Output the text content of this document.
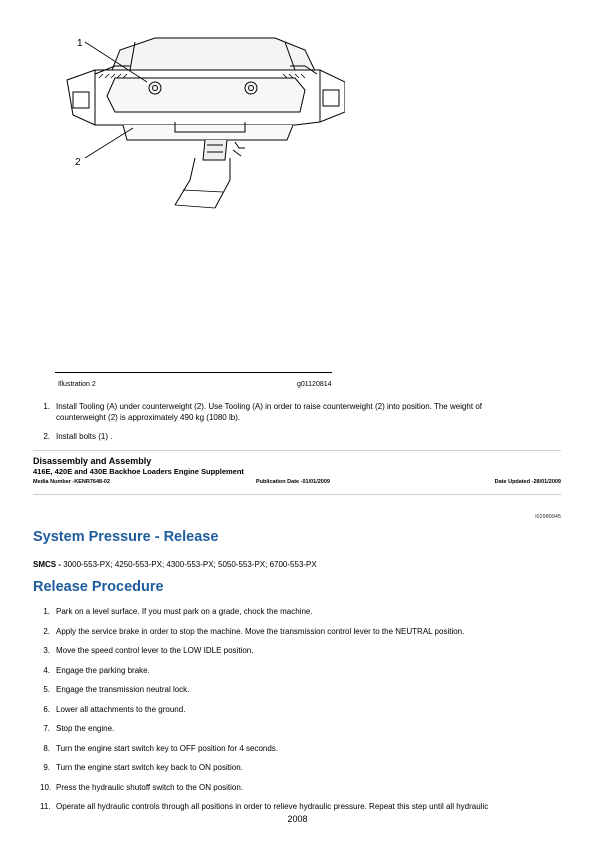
1
2
Illustration 2	g01120814
1. Install Tooling (A) under counterweight (2). Use Tooling (A) in order to raise counterweight (2) into position. The weight of
counterweight (2) is approximately 490 kg (1080 lb).
2. Install bolts (1) .
Disassembly and Assembly
416E, 420E and 430E Backhoe Loaders Engine Supplement
Media Number -KENR7648-02	Publication Date -01/01/2009	Date Updated -28/01/2009
i02989945
System Pressure - Release
SMCS - 3000-553-PX; 4250-553-PX; 4300-553-PX; 5050-553-PX; 6700-553-PX
Release Procedure
1. Park on a level surface. If you must park on a grade, chock the machine.
2. Apply the service brake in order to stop the machine. Move the transmission control lever to the NEUTRAL position.
3. Move the speed control lever to the LOW IDLE position.
4. Engage the parking brake.
5. Engage the transmission neutral lock.
6. Lower all attachments to the ground.
7. Stop the engine.
8. Turn the engine start switch key to OFF position for 4 seconds.
9. Turn the engine start switch key back to ON position.
10. Press the hydraulic shutoff switch to the ON position.
11. Operate all hydraulic controls through all positions in order to relieve hydraulic pressure. Repeat this step until all hydraulic
2008
